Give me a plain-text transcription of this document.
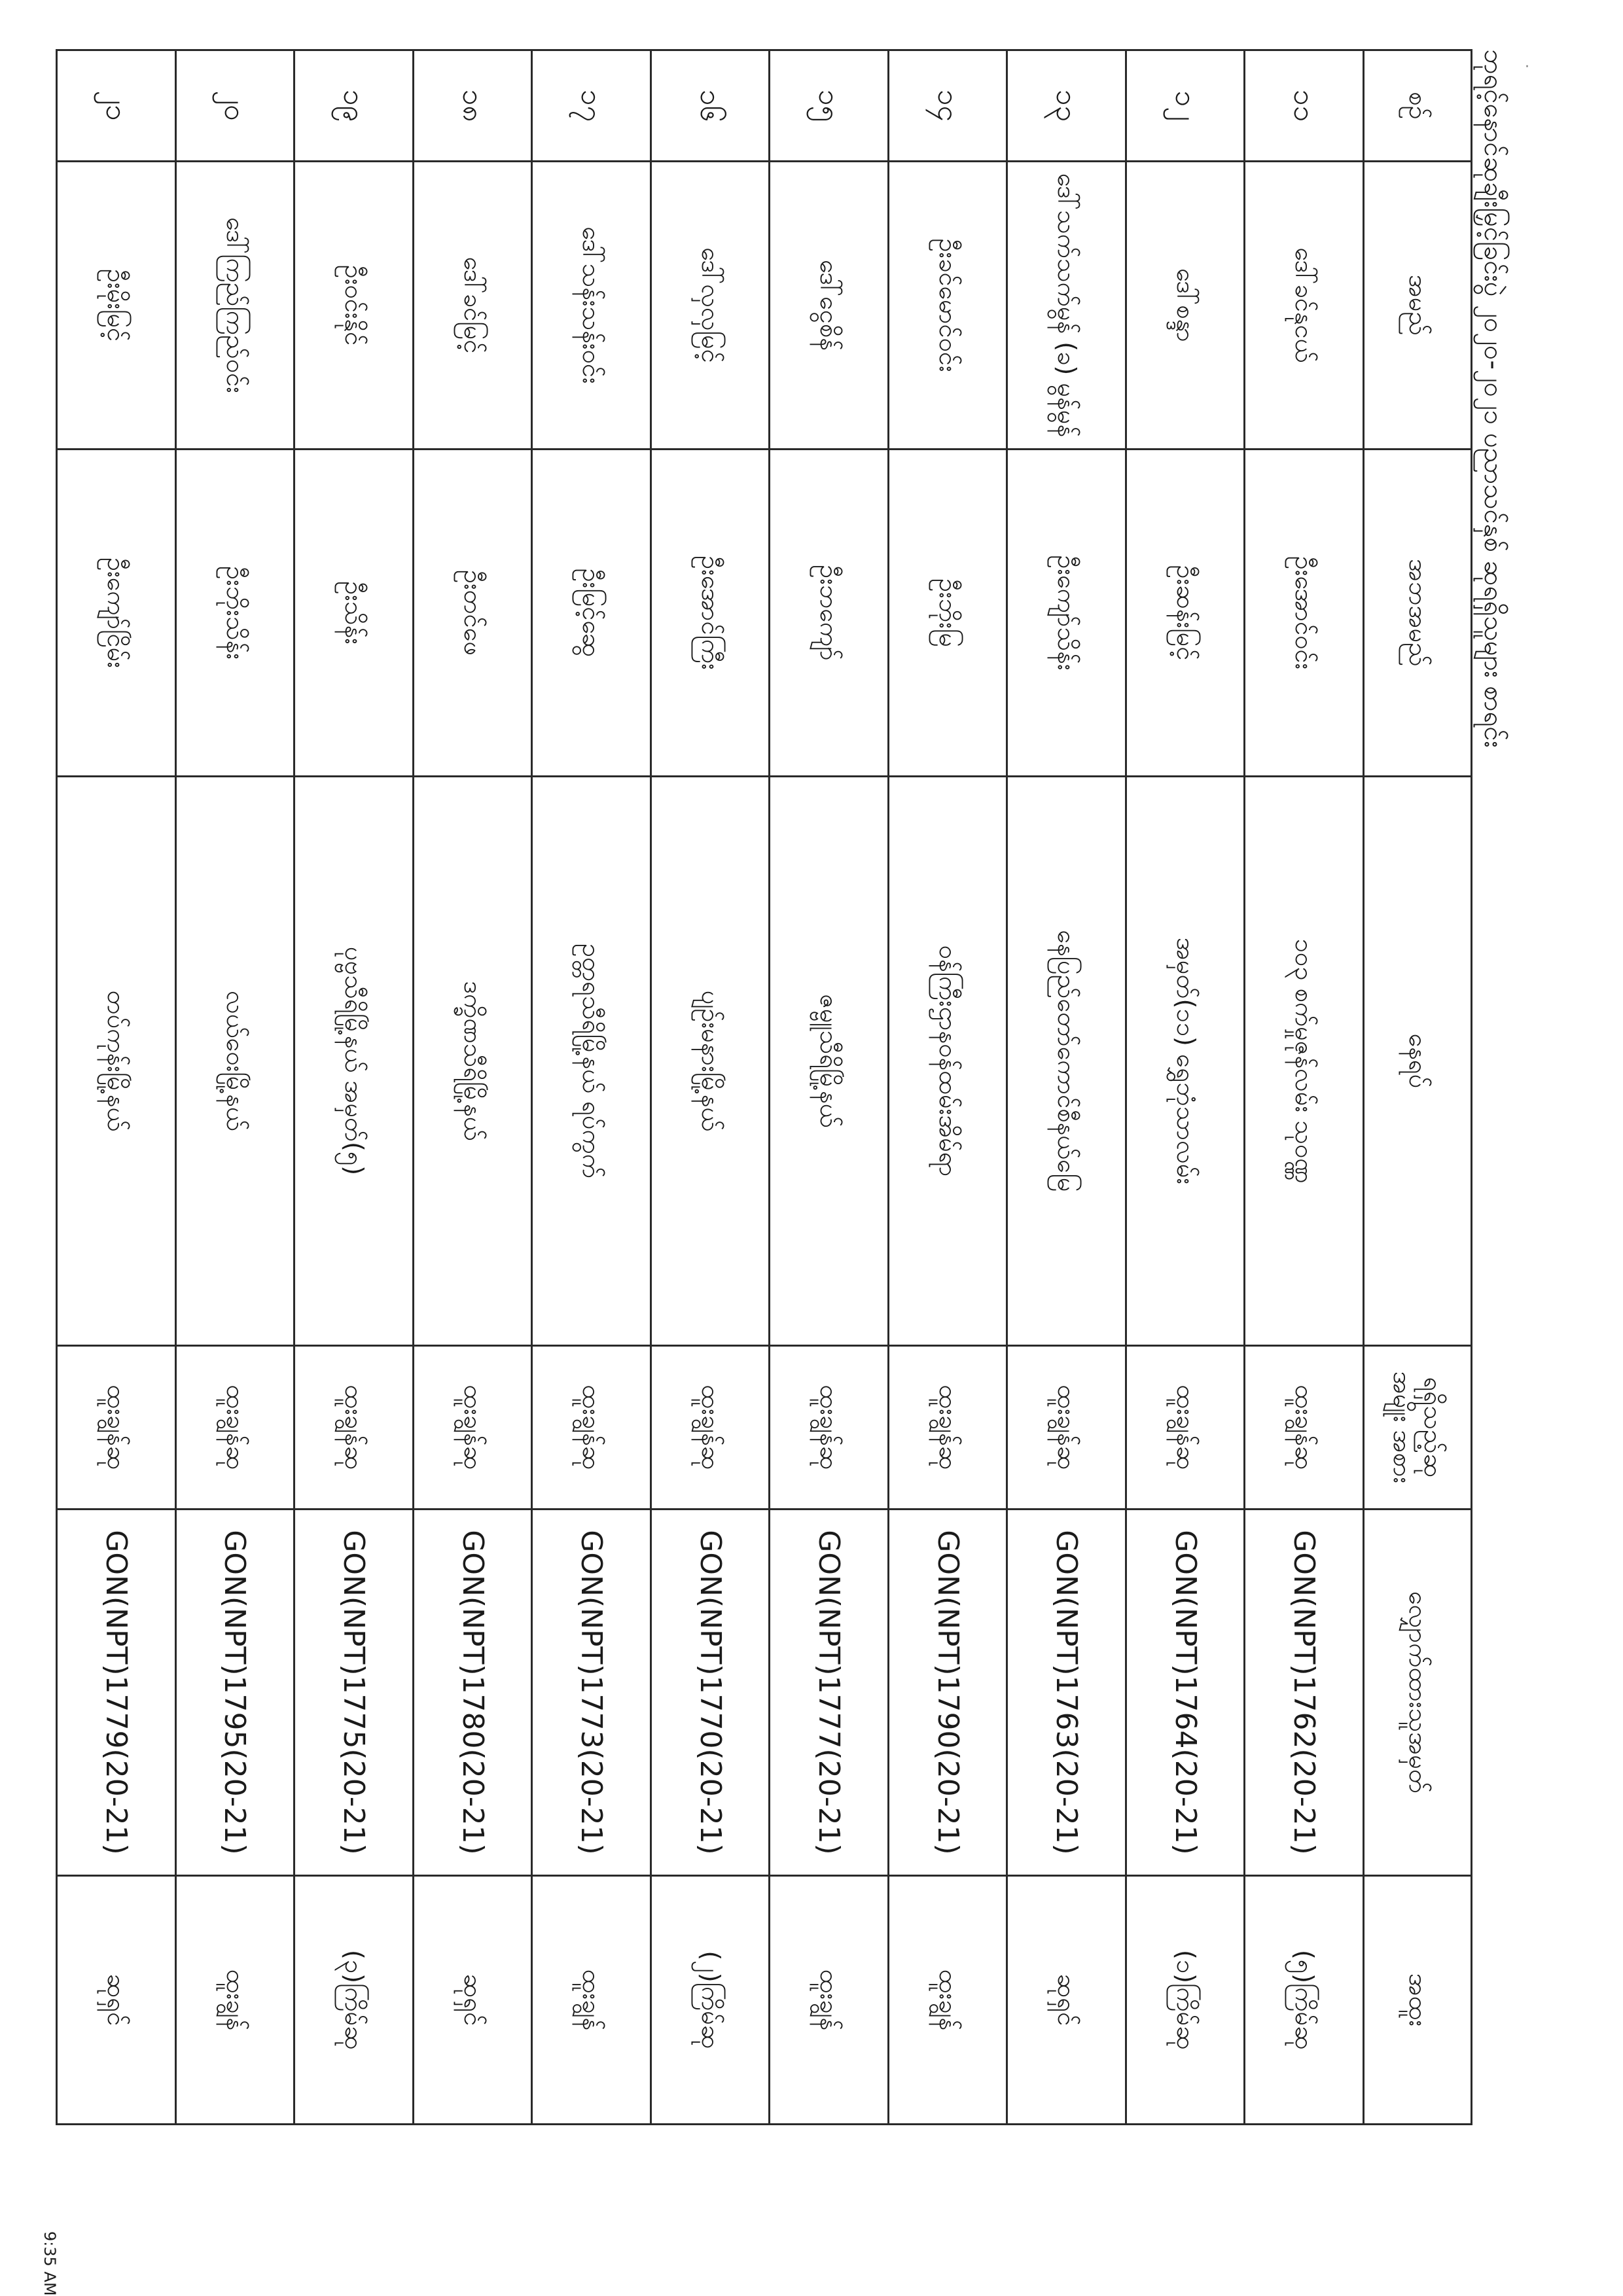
ဘုရင့်နောင်ဆုချီးမြှင့်ခြင်းပွဲ ၂၀၂၀-၂၀၂၁ ပညာသင်နှစ် ဆုရရှိသူများ စာရင်း
စဉ်	အမည်	အဘအမည်	နေရပ်	ရရှိသည့်ဆုအမျိုး အစား	လျှောက်ထားသူအမှတ်	အထူး
၁၁	ဒေါ်ခင်နုငယ်	ဦးအောင်ဝင်း	၁၀၃ စက်မှုဇုန်လမ်း သုဝဏ္ဏ	ထူးချွန်ဆု	GON(NPT)1762(20-21)	(၅)ကြိမ်ဆု
၁၂	ဒေါ်စန္ဒာ	ဦးဆန်းမြင့်	အမှတ်(၁၁) ရွှေဘုံသာလမ်း	ထူးချွန်ဆု	GON(NPT)1764(20-21)	(၁)ကြိမ်ဆု
၁၃	ဒေါ်သက်သက်မွန် (ခ) မွန်မွန်	ဦးကျော်သိန်း	နေပြည်တော်ကောင်စီနယ်မြေ	ထူးချွန်ဆု	GON(NPT)1763(20-21)	ဆုရှင်
၁၄	ဦးခင်မောင်ဝင်း	ဦးဘိုးမြ	ဝန်ကြီးဌာနဝန်ထမ်းအိမ်ရာ	ထူးချွန်ဆု	GON(NPT)1790(20-21)	ထူးချွန်
၁၅	ဒေါ်ငွေစိန်	ဦးဘကျော်	ဇမ္ဗူသီရိမြို့နယ်	ထူးချွန်ဆု	GON(NPT)1777(20-21)	ထူးချွန်
၁၆	ဒေါ်လှလှမြင့်	ဦးအောင်ကြီး	ပျဉ်းမနားမြို့နယ်	ထူးချွန်ဆု	GON(NPT)1770(20-21)	(၂)ကြိမ်ဆု
၁၇	ဒေါ်သန်းသန်းဝင်း	ဦးမြင့်ဆွေ	ဥတ္တရသီရိမြို့နယ် ရပ်ကွက်	ထူးချွန်ဆု	GON(NPT)1773(20-21)	ထူးချွန်
၁၈	ဒေါ်ခင်မြင့်	ဦးတင်ဖေ	ဒက္ခိဏသီရိမြို့နယ်	ထူးချွန်ဆု	GON(NPT)1780(20-21)	ဆုရှင်
၁၉	ဦးဝင်းနိုင်	ဦးသိန်း	ပုဗ္ဗသီရိမြို့နယ် အမှတ်(၅)	ထူးချွန်ဆု	GON(NPT)1775(20-21)	(၃)ကြိမ်ဆု
၂၀	ဒေါ်ကြည်ကြည်ဝင်း	ဦးဘိုးသိန်း	လယ်ဝေးမြို့နယ်	ထူးချွန်ဆု	GON(NPT)1795(20-21)	ထူးချွန်
၂၁	ဦးမိုးမြင့်	ဦးကျော်ငြိမ်း	တပ်ကုန်းမြို့နယ်	ထူးချွန်ဆု	GON(NPT)1779(20-21)	ဆုရှင်
·
9:35 AM
